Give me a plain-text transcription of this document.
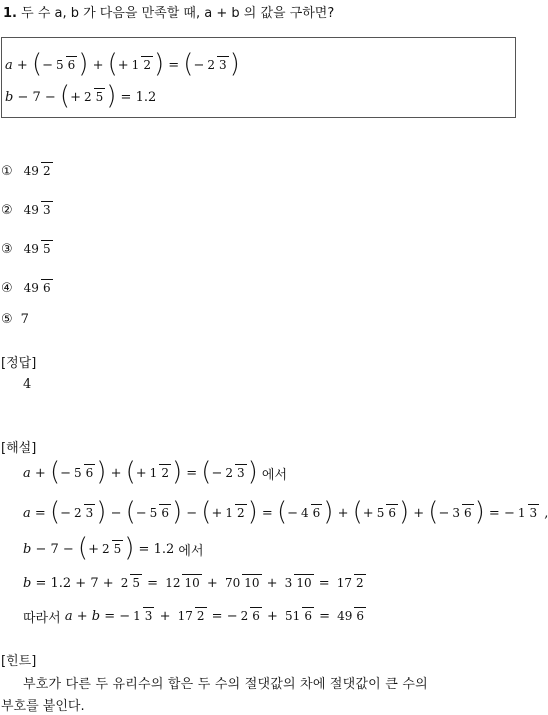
1. 두 수 a, b 가 다음을 만족할 때, a + b 의 값을 구하면?
a + ( − 5 6 ) + ( + 1 2 ) = ( − 2 3 )
b − 7 − ( + 2 5 ) = 1.2
① 49 2
② 49 3
③ 49 5
④ 49 6
⑤ 7
[정답]
4
[해설]
a + ( − 5 6 ) + ( + 1 2 ) = ( − 2 3 )
에서
a = ( − 2 3 ) − ( − 5 6 ) − ( + 1 2 ) = ( − 4 6 ) + ( + 5 6 ) + ( − 3 6 ) = − 1 3

b − 7 − ( + 2 5 ) = 1.2 에서
b = 1.2 + 7 + 2 5 = 12 10 + 70 10 + 3 10 = 17 2
따라서
a + b = − 1 3 + 17 2 = − 2 6 + 51 6 = 49 6
[힌트]
부호가 다른 두 유리수의 합은 두 수의 절댓값의 차에 절댓값이 큰 수의
부호를 붙인다.
